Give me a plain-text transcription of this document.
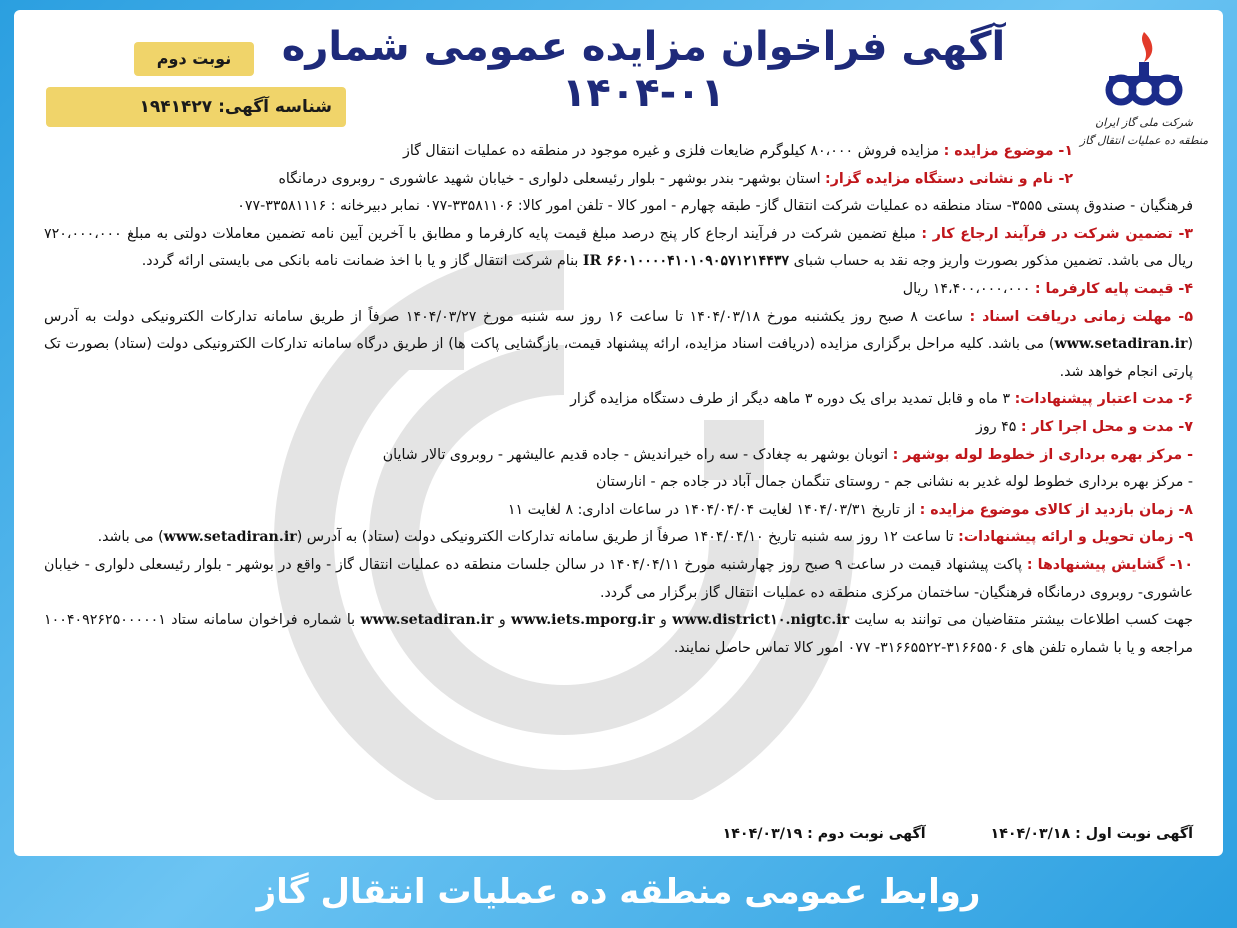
آگهی فراخوان مزایده عمومی شماره ۰۱-۱۴۰۴
نوبت دوم
شناسه آگهی: ۱۹۴۱۴۲۷
شرکت ملی گاز ایران
منطقه ده عملیات انتقال گاز

۱- موضوع مزایده : مزایده فروش ۸۰،۰۰۰ کیلوگرم ضایعات فلزی و غیره موجود در منطقه ده عملیات انتقال گاز

۲- نام و نشانی دستگاه مزایده گزار: استان بوشهر- بندر بوشهر - بلوار رئیسعلی دلواری - خیابان شهید عاشوری - روبروی درمانگاه

فرهنگیان - صندوق پستی ۳۵۵۵- ستاد منطقه ده عملیات شرکت انتقال گاز- طبقه چهارم - امور کالا - تلفن امور کالا: ۳۳۵۸۱۱۰۶-۰۷۷ نمابر دبیرخانه : ۳۳۵۸۱۱۱۶-۰۷۷

۳- تضمین شرکت در فرآیند ارجاع کار : مبلغ تضمین شرکت در فرآیند ارجاع کار پنج درصد مبلغ قیمت پایه کارفرما و مطابق با آخرین آیین نامه تضمین معاملات دولتی به مبلغ ۷۲۰،۰۰۰،۰۰۰ ریال می باشد. تضمین مذکور بصورت واریز وجه نقد به حساب شبای IR ۶۶۰۱۰۰۰۰۴۱۰۱۰۹۰۵۷۱۲۱۴۴۳۷ بنام شرکت انتقال گاز و یا با اخذ ضمانت نامه بانکی می بایستی ارائه گردد.

۴- قیمت پایه کارفرما : ۱۴،۴۰۰،۰۰۰،۰۰۰ ریال

۵- مهلت زمانی دریافت اسناد : ساعت ۸ صبح روز یکشنبه مورخ ۱۴۰۴/۰۳/۱۸ تا ساعت ۱۶ روز سه شنبه مورخ ۱۴۰۴/۰۳/۲۷ صرفاً از طریق سامانه تدارکات الکترونیکی دولت به آدرس (www.setadiran.ir) می باشد. کلیه مراحل برگزاری مزایده (دریافت اسناد مزایده، ارائه پیشنهاد قیمت، بازگشایی پاکت ها) از طریق درگاه سامانه تدارکات الکترونیکی دولت (ستاد) بصورت تک پارتی انجام خواهد شد.

۶- مدت اعتبار پیشنهادات: ۳ ماه و قابل تمدید برای یک دوره ۳ ماهه دیگر از طرف دستگاه مزایده گزار

۷- مدت و محل اجرا کار : ۴۵ روز

- مرکز بهره برداری از خطوط لوله بوشهر : اتوبان بوشهر به چغادک - سه راه خیراندیش - جاده قدیم عالیشهر - روبروی تالار شایان

- مرکز بهره برداری خطوط لوله غدیر به نشانی جم - روستای تنگمان جمال آباد در جاده جم - انارستان

۸- زمان بازدید از کالای موضوع مزایده : از تاریخ ۱۴۰۴/۰۳/۳۱ لغایت ۱۴۰۴/۰۴/۰۴ در ساعات اداری: ۸ لغایت ۱۱

۹- زمان تحویل و ارائه پیشنهادات: تا ساعت ۱۲ روز سه شنبه تاریخ ۱۴۰۴/۰۴/۱۰ صرفاً از طریق سامانه تدارکات الکترونیکی دولت (ستاد) به آدرس (www.setadiran.ir) می باشد.

۱۰- گشایش پیشنهادها : پاکت پیشنهاد قیمت در ساعت ۹ صبح روز چهارشنبه مورخ ۱۴۰۴/۰۴/۱۱ در سالن جلسات منطقه ده عملیات انتقال گاز - واقع در بوشهر - بلوار رئیسعلی دلواری - خیابان عاشوری- روبروی درمانگاه فرهنگیان- ساختمان مرکزی منطقه ده عملیات انتقال گاز برگزار می گردد.

جهت کسب اطلاعات بیشتر متقاضیان می توانند به سایت www.district۱۰.nigtc.ir و www.iets.mporg.ir و www.setadiran.ir با شماره فراخوان سامانه ستاد ۱۰۰۴۰۹۲۶۲۵۰۰۰۰۰۱ مراجعه و یا با شماره تلفن های ۳۱۶۶۵۵۰۶-۳۱۶۶۵۵۲۲- ۰۷۷ امور کالا تماس حاصل نمایند.

آگهی نوبت اول : ۱۴۰۴/۰۳/۱۸ آگهی نوبت دوم : ۱۴۰۴/۰۳/۱۹
روابط عمومی منطقه ده عملیات انتقال گاز
